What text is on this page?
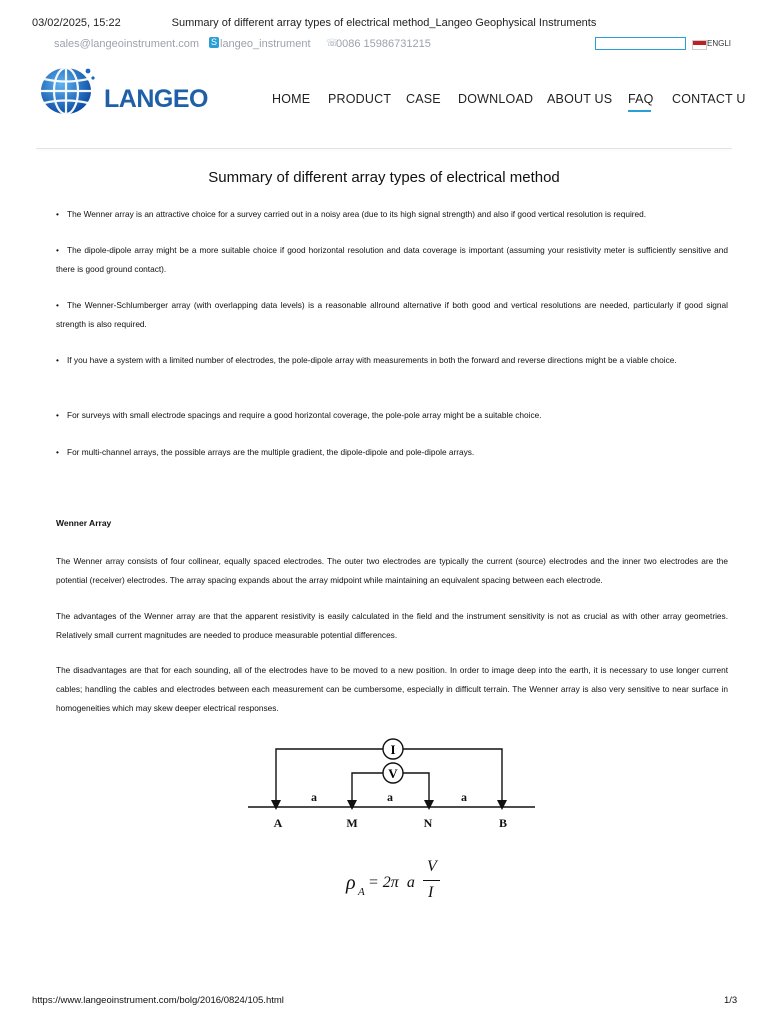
03/02/2025, 15:22	Summary of different array types of electrical method_Langeo Geophysical Instruments
sales@langeoinstrument.com S langeo_instrument ☏
0086 15986731215	ENGLI
LANGEO	HOME PRODUCT CASE DOWNLOAD ABOUT US FAQ CONTACT U
Summary of different array types of electrical method
• The Wenner array is an attractive choice for a survey carried out in a noisy area (due to its high signal strength) and also if good vertical resolution is required.
• The dipole-dipole array might be a more suitable choice if good horizontal resolution and data coverage is important (assuming your resistivity meter is sufficiently sensitive and there is good ground contact).
• The Wenner-Schlumberger array (with overlapping data levels) is a reasonable allround alternative if both good and vertical resolutions are needed, particularly if good signal strength is also required.
• If you have a system with a limited number of electrodes, the pole-dipole array with measurements in both the forward and reverse directions might be a viable choice.
• For surveys with small electrode spacings and require a good horizontal coverage, the pole-pole array might be a suitable choice.
• For multi-channel arrays, the possible arrays are the multiple gradient, the dipole-dipole and pole-dipole arrays.
Wenner Array
The Wenner array consists of four collinear, equally spaced electrodes. The outer two electrodes are typically the current (source) electrodes and the inner two electrodes are the potential (receiver) electrodes. The array spacing expands about the array midpoint while maintaining an equivalent spacing between each electrode.
The advantages of the Wenner array are that the apparent resistivity is easily calculated in the field and the instrument sensitivity is not as crucial as with other array geometries. Relatively small current magnitudes are needed to produce measurable potential differences.
The disadvantages are that for each sounding, all of the electrodes have to be moved to a new position. In order to image deep into the earth, it is necessary to use longer current cables; handling the cables and electrodes between each measurement can be cumbersome, especially in difficult terrain. The Wenner array is also very sensitive to near surface in homogeneities which may skew deeper electrical responses.
I
V
a	a	a
A	M	N	B
ρ A
= 2π  a
V
I
https://www.langeoinstrument.com/bolg/2016/0824/105.html	1/3
